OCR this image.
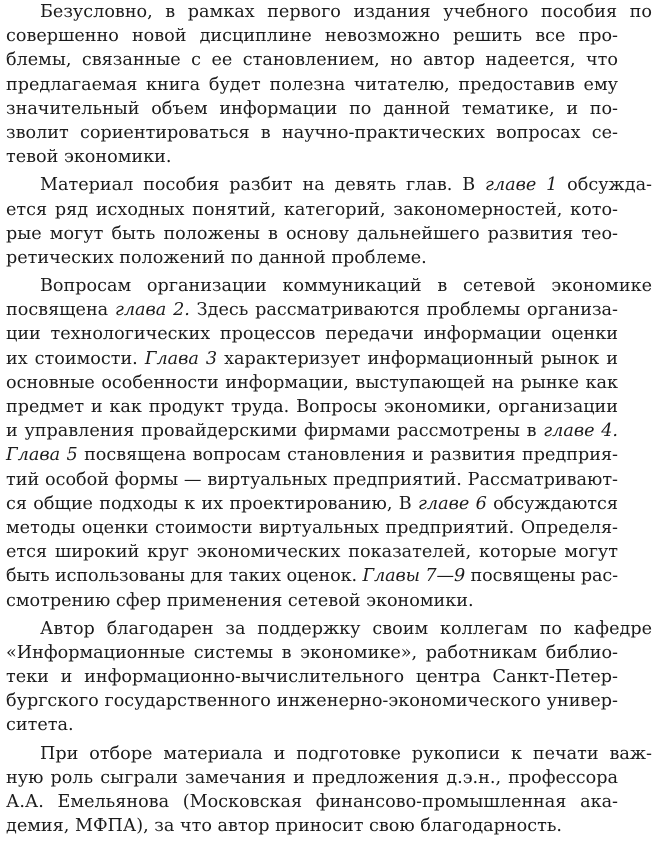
Безусловно, в рамках первого издания учебного пособия по
совершенно новой дисциплине невозможно решить все про-
блемы, связанные с ее становлением, но автор надеется, что
предлагаемая книга будет полезна читателю, предоставив ему
значительный объем информации по данной тематике, и по-
зволит сориентироваться в научно-практических вопросах се-
тевой экономики.
Материал пособия разбит на девять глав. В главе 1 обсужда-
ется ряд исходных понятий, категорий, закономерностей, кото-
рые могут быть положены в основу дальнейшего развития тео-
ретических положений по данной проблеме.
Вопросам организации коммуникаций в сетевой экономике
посвящена глава 2. Здесь рассматриваются проблемы организа-
ции технологических процессов передачи информации оценки
их стоимости. Глава 3 характеризует информационный рынок и
основные особенности информации, выступающей на рынке как
предмет и как продукт труда. Вопросы экономики, организации
и управления провайдерскими фирмами рассмотрены в главе 4.
Глава 5 посвящена вопросам становления и развития предприя-
тий особой формы — виртуальных предприятий. Рассматривают-
ся общие подходы к их проектированию, В главе 6 обсуждаются
методы оценки стоимости виртуальных предприятий. Определя-
ется широкий круг экономических показателей, которые могут
быть использованы для таких оценок. Главы 7—9 посвящены рас-
смотрению сфер применения сетевой экономики.
Автор благодарен за поддержку своим коллегам по кафедре
«Информационные системы в экономике», работникам библио-
теки и информационно-вычислительного центра Санкт-Петер-
бургского государственного инженерно-экономического универ-
ситета.
При отборе материала и подготовке рукописи к печати важ-
ную роль сыграли замечания и предложения д.э.н., профессора
А.А. Емельянова (Московская финансово-промышленная ака-
демия, МФПА), за что автор приносит свою благодарность.
